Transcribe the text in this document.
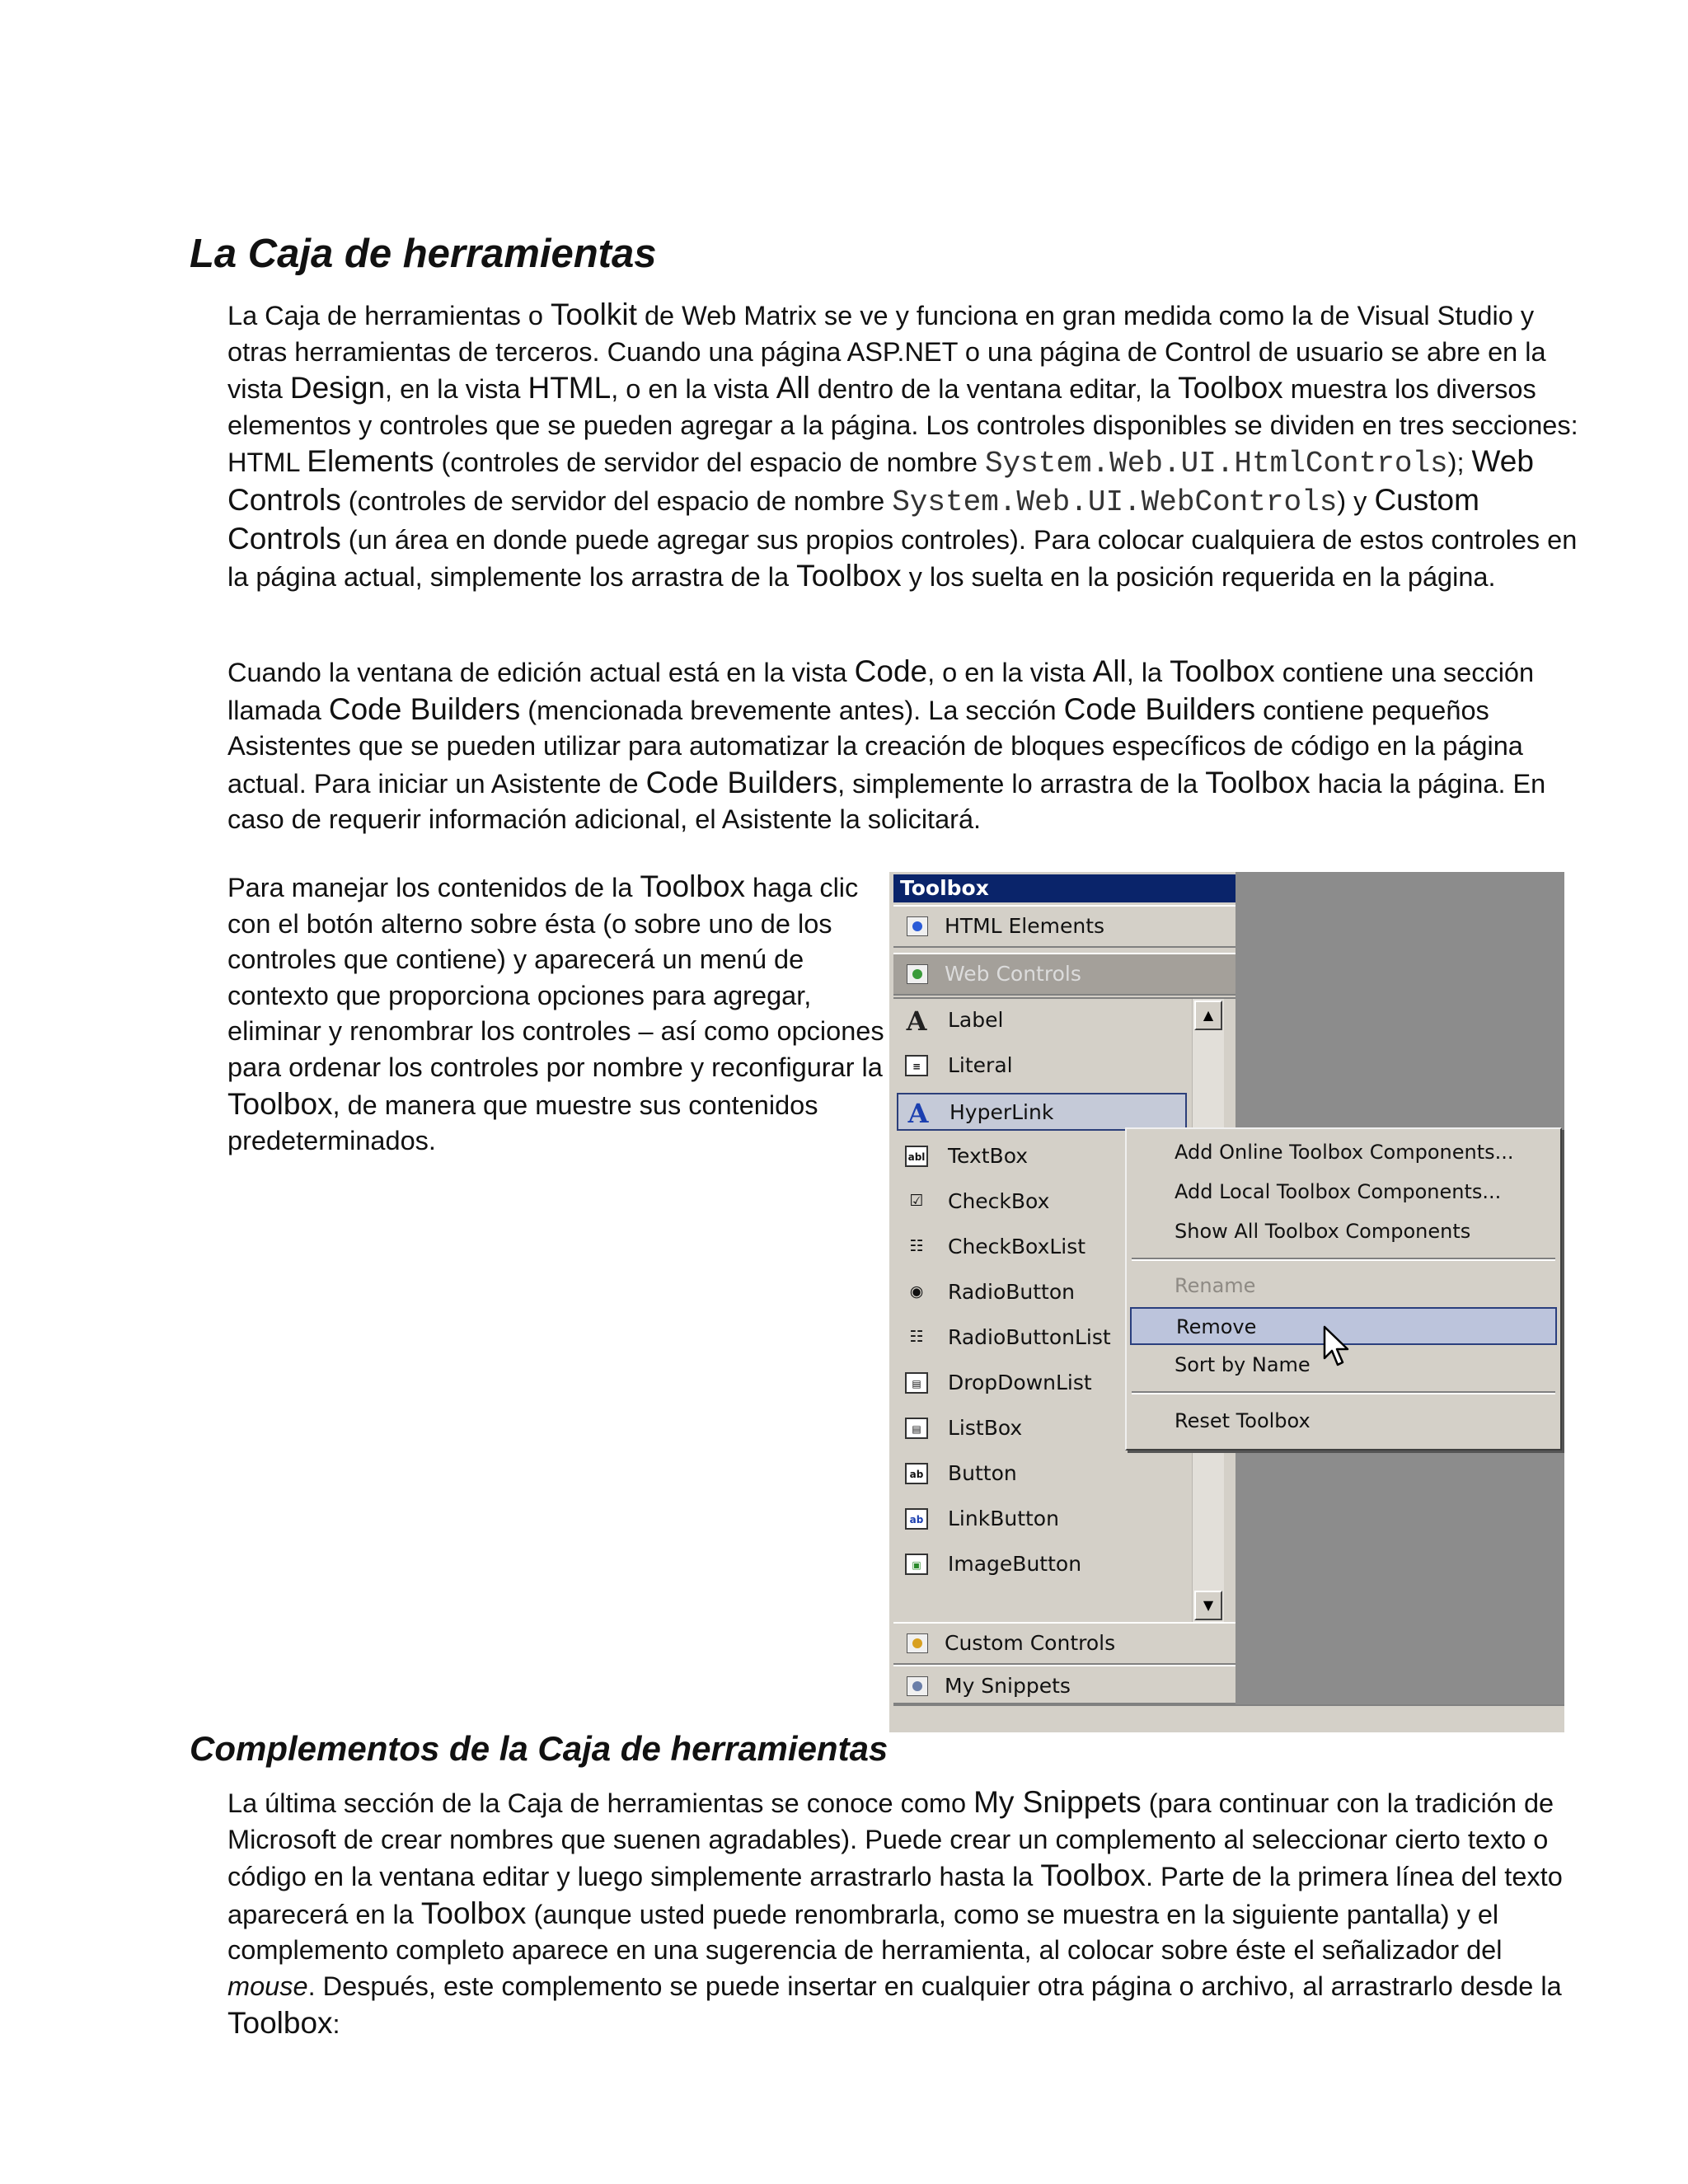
La Caja de herramientas

La Caja de herramientas o Toolkit de Web Matrix se ve y funciona en gran medida como la de Visual Studio y otras herramientas de terceros. Cuando una página ASP.NET o una página de Control de usuario se abre en la vista Design, en la vista HTML, o en la vista All dentro de la ventana editar, la Toolbox muestra los diversos elementos y controles que se pueden agregar a la página. Los controles disponibles se dividen en tres secciones: HTML Elements (controles de servidor del espacio de nombre System.Web.UI.HtmlControls); Web Controls (controles de servidor del espacio de nombre System.Web.UI.WebControls) y Custom Controls (un área en donde puede agregar sus propios controles). Para colocar cualquiera de estos controles en la página actual, simplemente los arrastra de la Toolbox y los suelta en la posición requerida en la página.

Cuando la ventana de edición actual está en la vista Code, o en la vista All, la Toolbox contiene una sección llamada Code Builders (mencionada brevemente antes). La sección Code Builders contiene pequeños Asistentes que se pueden utilizar para automatizar la creación de bloques específicos de código en la página actual. Para iniciar un Asistente de Code Builders, simplemente lo arrastra de la Toolbox hacia la página. En caso de requerir información adicional, el Asistente la solicitará.

Para manejar los contenidos de la Toolbox haga clic con el botón alterno sobre ésta (o sobre uno de los controles que contiene) y aparecerá un menú de contexto que proporciona opciones para agregar, eliminar y renombrar los controles – así como opciones para ordenar los controles por nombre y reconfigurar la Toolbox, de manera que muestre sus contenidos predeterminados.

Toolbox
HTML Elements
Web Controls
A Label
≡	Literal
A HyperLink
abl TextBox
☑ CheckBox
☷ CheckBoxList
◉ RadioButton
☷ RadioButtonList
▤	DropDownList
▤	ListBox
ab Button
ab LinkButton
▣	ImageButton
▲
▼
Custom Controls
My Snippets
Add Online Toolbox Components...
Add Local Toolbox Components...
Show All Toolbox Components
Rename
Remove
Sort by Name
Reset Toolbox
Complementos de la Caja de herramientas

La última sección de la Caja de herramientas se conoce como My Snippets (para continuar con la tradición de Microsoft de crear nombres que suenen agradables). Puede crear un complemento al seleccionar cierto texto o código en la ventana editar y luego simplemente arrastrarlo hasta la Toolbox. Parte de la primera línea del texto aparecerá en la Toolbox (aunque usted puede renombrarla, como se muestra en la siguiente pantalla) y el complemento completo aparece en una sugerencia de herramienta, al colocar sobre éste el señalizador del mouse. Después, este complemento se puede insertar en cualquier otra página o archivo, al arrastrarlo desde la Toolbox:
